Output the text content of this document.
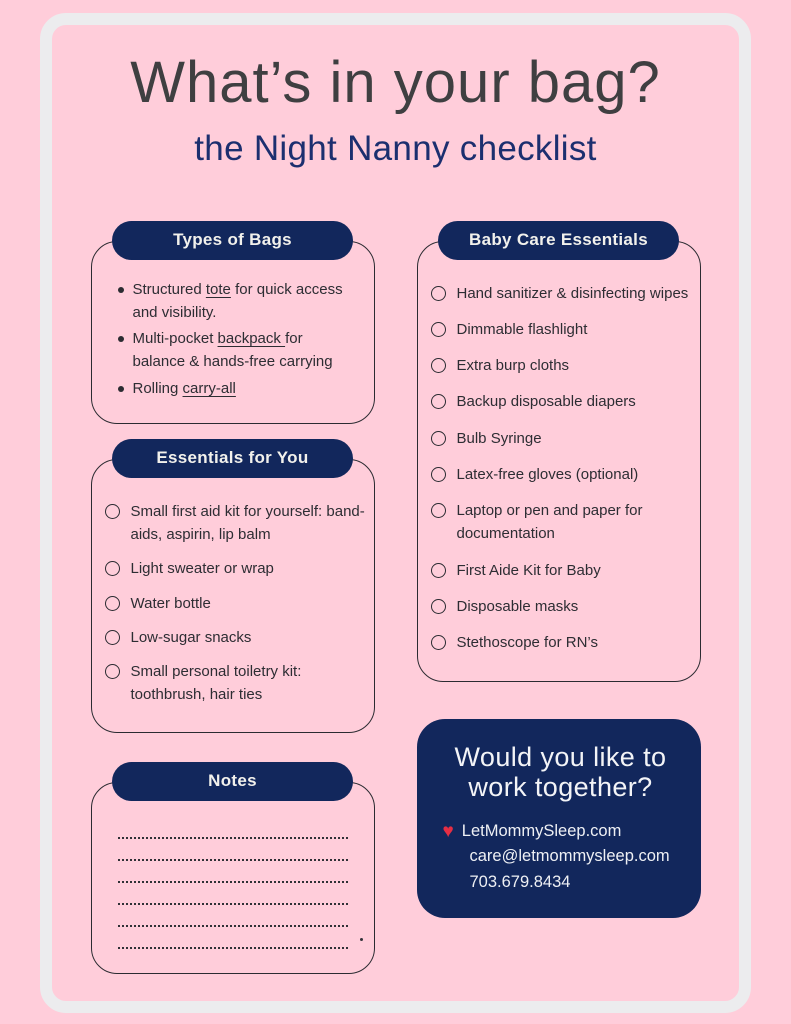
What’s in your bag?
the Night Nanny checklist
Types of Bags
Structured tote for quick access and visibility.
Multi-pocket backpack for balance & hands-free carrying
Rolling carry-all
Essentials for You
Small first aid kit for yourself: band-aids, aspirin, lip balm
Light sweater or wrap
Water bottle
Low-sugar snacks
Small personal toiletry kit: toothbrush, hair ties
Notes
Baby Care Essentials
Hand sanitizer & disinfecting wipes
Dimmable flashlight
Extra burp cloths
Backup disposable diapers
Bulb Syringe
Latex-free gloves (optional)
Laptop or pen and paper for documentation
First Aide Kit for Baby
Disposable masks
Stethoscope for RN’s
Would you like to
work together?
♥ LetMommySleep.com
care@letmommysleep.com
703.679.8434
